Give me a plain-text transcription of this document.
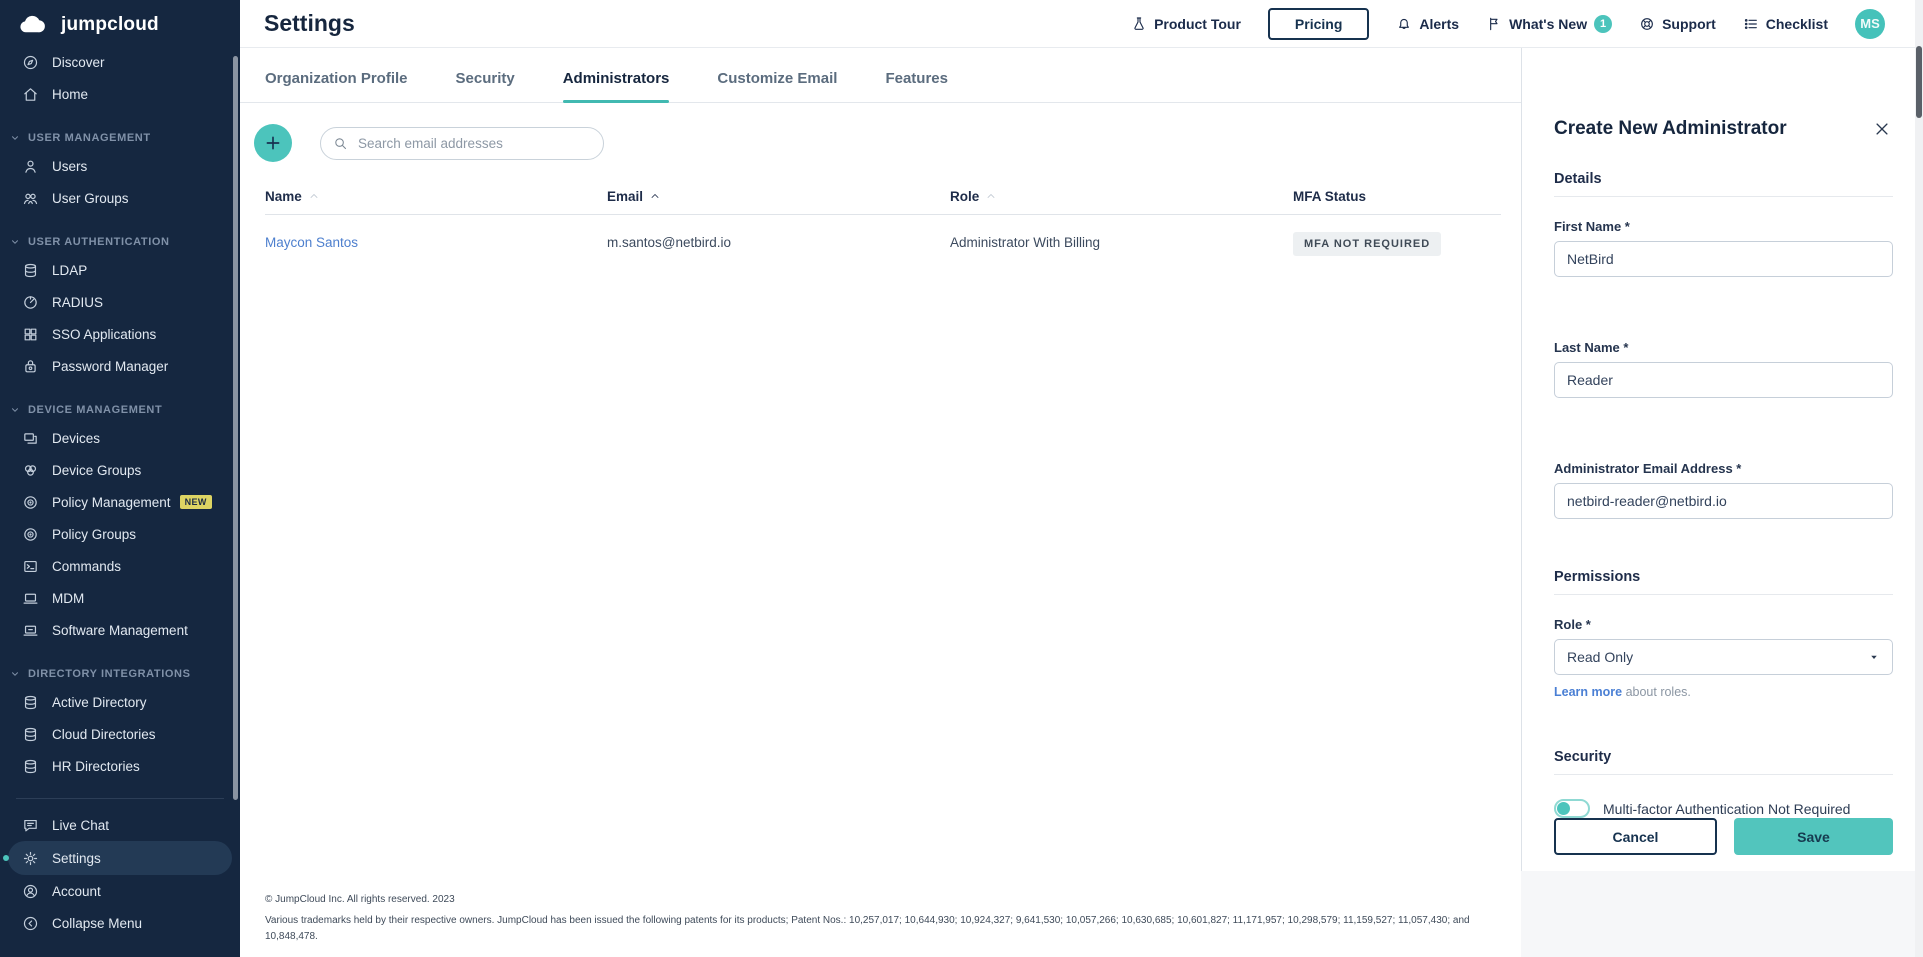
jumpcloud
Discover
Home
USER MANAGEMENT
Users
User Groups
USER AUTHENTICATION
LDAP
RADIUS
SSO Applications
Password Manager
DEVICE MANAGEMENT
Devices
Device Groups
Policy Management	NEW
Policy Groups
Commands
MDM
Software Management
DIRECTORY INTEGRATIONS
Active Directory
Cloud Directories
HR Directories
Live Chat
Settings
Account
Collapse Menu
Settings	Product Tour	Pricing	Alerts	What's New	1	Support	Checklist	MS
Organization Profile	Security	Administrators	Customize Email	Features
Search email addresses
Name	Email	Role	MFA Status
Maycon Santos	m.santos@netbird.io	Administrator With Billing	MFA NOT REQUIRED
© JumpCloud Inc. All rights reserved. 2023
Various trademarks held by their respective owners. JumpCloud has been issued the following patents for its products; Patent Nos.: 10,257,017; 10,644,930; 10,924,327; 9,641,530; 10,057,266; 10,630,685; 10,601,827; 11,171,957; 10,298,579; 11,159,527; 11,057,430; and 10,848,478.
Create New Administrator
Details
First Name *
NetBird
Last Name *
Reader
Administrator Email Address *
netbird-reader@netbird.io
Permissions
Role *
Read Only
Learn more about roles.
Security
Multi-factor Authentication Not Required
Cancel	Save
